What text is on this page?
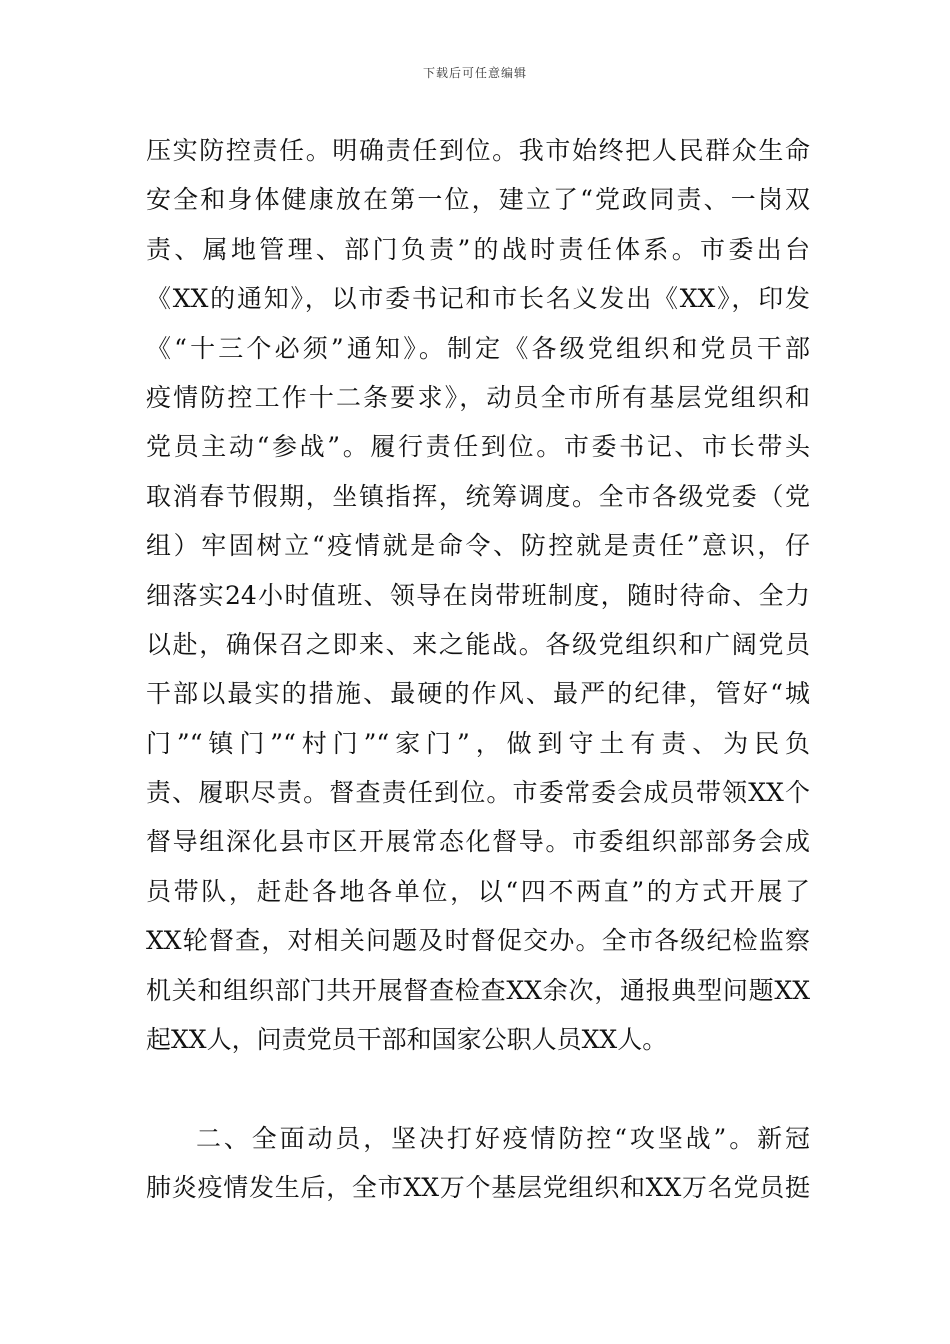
下载后可任意编辑
压实防控责任。明确责任到位。我市始终把人民群众生命
安全和身体健康放在第一位，建立了“党政同责、一岗双
责、属地管理、部门负责”的战时责任体系。市委出台
《XX的通知》，以市委书记和市长名义发出《XX》，印发
《“十三个必须”通知》。制定《各级党组织和党员干部
疫情防控工作十二条要求》，动员全市所有基层党组织和
党员主动“参战”。履行责任到位。市委书记、市长带头
取消春节假期，坐镇指挥，统筹调度。全市各级党委（党
组）牢固树立“疫情就是命令、防控就是责任”意识，仔
细落实24小时值班、领导在岗带班制度，随时待命、全力
以赴，确保召之即来、来之能战。各级党组织和广阔党员
干部以最实的措施、最硬的作风、最严的纪律，管好“城
门”“镇门”“村门”“家门”，做到守土有责、为民负
责、履职尽责。督查责任到位。市委常委会成员带领XX个
督导组深化县市区开展常态化督导。市委组织部部务会成
员带队，赶赴各地各单位，以“四不两直”的方式开展了
XX轮督查，对相关问题及时督促交办。全市各级纪检监察
机关和组织部门共开展督查检查XX余次，通报典型问题XX
起XX人，问责党员干部和国家公职人员XX人。
二、全面动员，坚决打好疫情防控“攻坚战”。新冠
肺炎疫情发生后，全市XX万个基层党组织和XX万名党员挺
